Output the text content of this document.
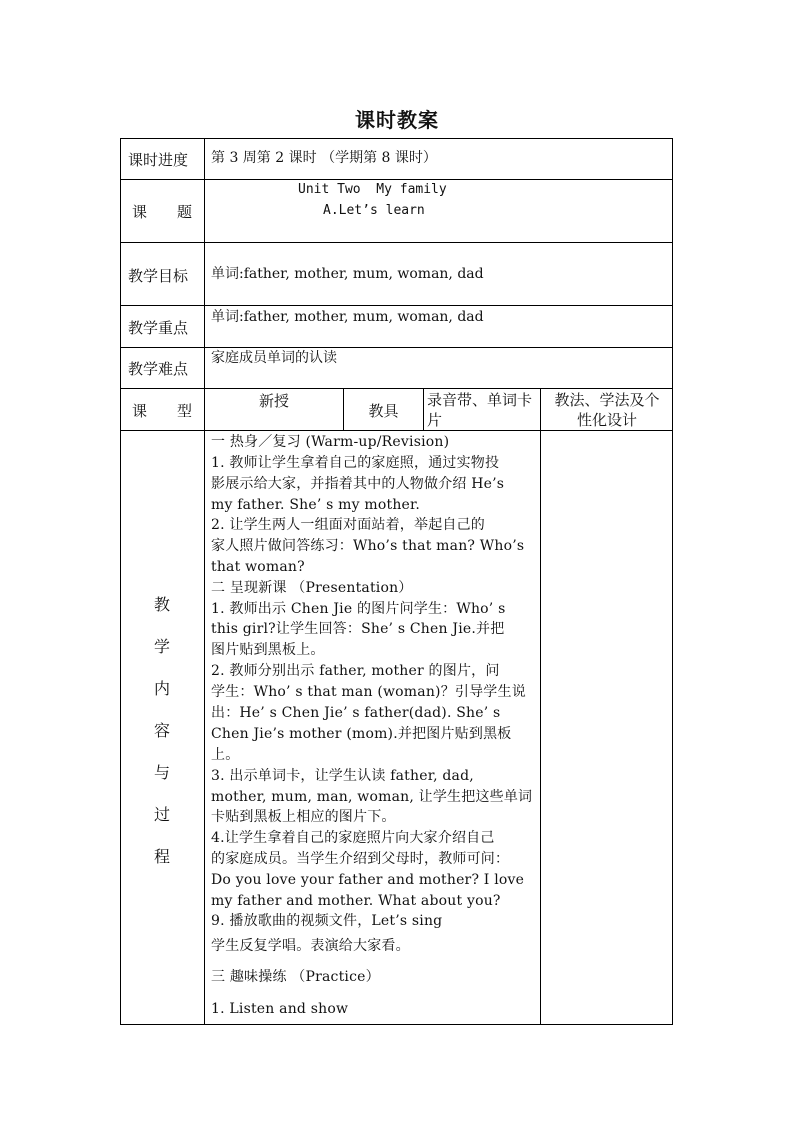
课时教案
课时进度 第 3 周第 2 课时 （学期第 8 课时）
课　　题
Unit Two  My family
A.Let’s learn
教学目标 单词:father, mother, mum, woman, dad
教学重点
单词:father, mother, mum, woman, dad
教学难点
家庭成员单词的认读
课　　型
新授
教具
录音带、单词卡片
教法、学法及个性化设计
教
学
内
容
与
过
程
一 热身／复习 (Warm-up/Revision)
1. 教师让学生拿着自己的家庭照，通过实物投
影展示给大家，并指着其中的人物做介绍 He’s
my father. She’ s my mother.
2. 让学生两人一组面对面站着，举起自己的
家人照片做问答练习：Who’s that man? Who’s
that woman?
二 呈现新课 （Presentation）
1. 教师出示 Chen Jie 的图片问学生：Who’ s
this girl?让学生回答：She’ s Chen Jie.并把
图片贴到黑板上。
2. 教师分别出示 father, mother 的图片，问
学生：Who’ s that man (woman)？引导学生说
出：He’ s Chen Jie’ s father(dad). She’ s
Chen Jie’s mother (mom).并把图片贴到黑板
上。
3. 出示单词卡，让学生认读 father, dad,
mother, mum, man, woman, 让学生把这些单词
卡贴到黑板上相应的图片下。
4.让学生拿着自己的家庭照片向大家介绍自己
的家庭成员。当学生介绍到父母时，教师可问：
Do you love your father and mother? I love
my father and mother. What about you?
9. 播放歌曲的视频文件，Let’s sing
学生反复学唱。表演给大家看。
三 趣味操练 （Practice）
1. Listen and show
